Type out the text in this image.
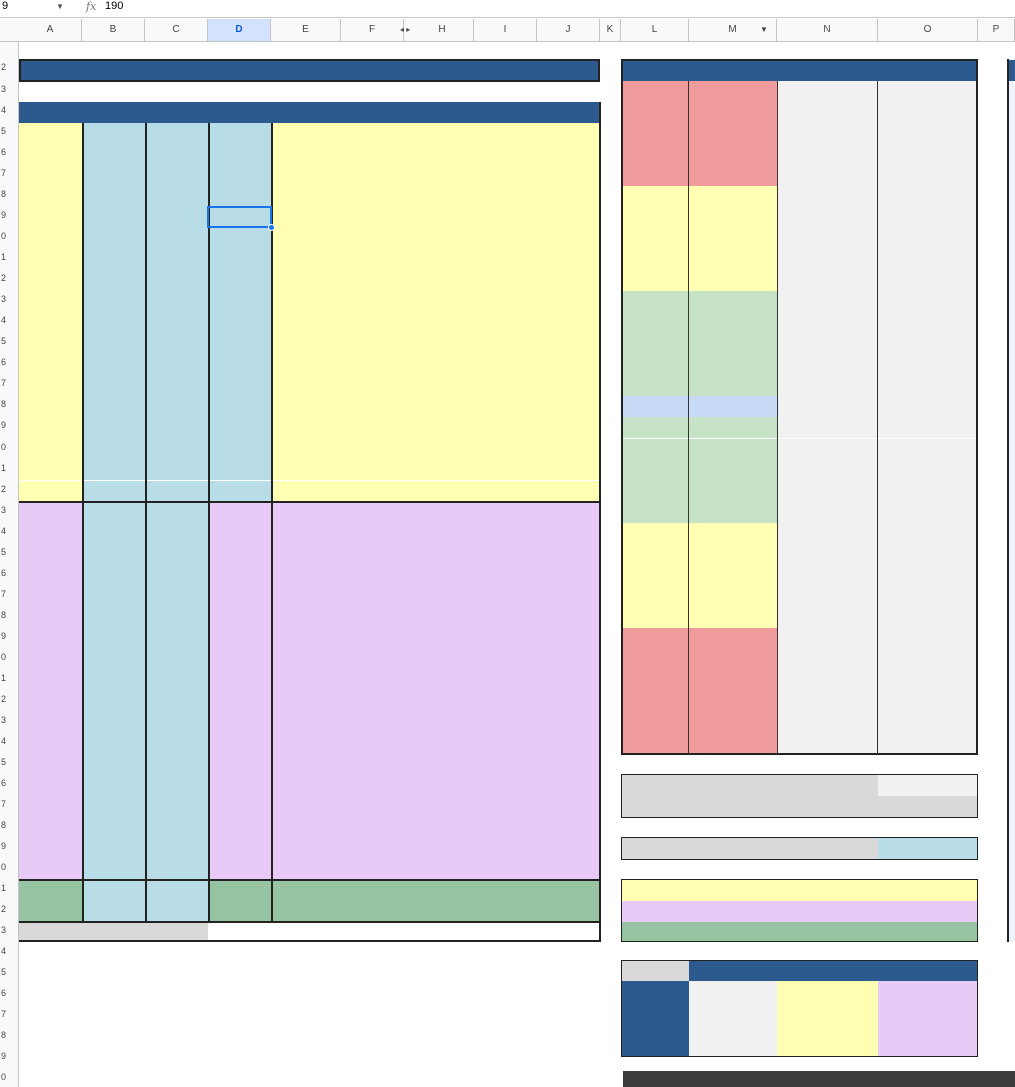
9	▼ fx 190
A	B	C	D	E	F	H	I	J	K	L	M	N	O	P
◂ ▸	▼
2
3
4
5
6
7
8
9
0
1
2
3
4
5
6
7
8
9
0
1
2
3
4
5
6
7
8
9
0
1
2
3
4
5
6
7
8
9
0
1
2
3
4
5
6
7
8
9
0
